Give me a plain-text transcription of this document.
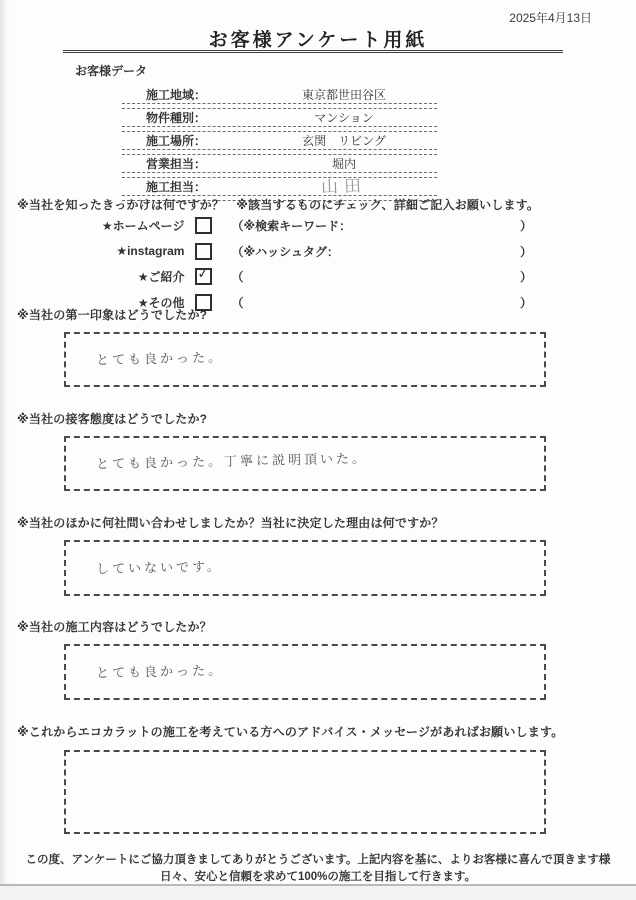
2025年4月13日
お客様アンケート用紙
お客様データ
施工地域：	東京都世田谷区
物件種別：	マンション
施工場所：	玄関　リビング
営業担当：	堀内
施工担当：	山田
※当社を知ったきっかけは何ですか？　※該当するものにチェック、詳細ご記入お願いします。
★ホームページ	（※検索キーワード：	）
★instagram	（※ハッシュタグ：	）
★ご紹介 ✓ （	）
★その他	（	）
※当社の第一印象はどうでしたか?
とても良かった。
※当社の接客態度はどうでしたか?
とても良かった。丁寧に説明頂いた。
※当社のほかに何社問い合わせしましたか？当社に決定した理由は何ですか？
していないです。
※当社の施工内容はどうでしたか？
とても良かった。
※これからエコカラットの施工を考えている方へのアドバイス・メッセージがあればお願いします。
この度、アンケートにご協力頂きましてありがとうございます。上記内容を基に、よりお客様に喜んで頂きます様
日々、安心と信頼を求めて100%の施工を目指して行きます。
